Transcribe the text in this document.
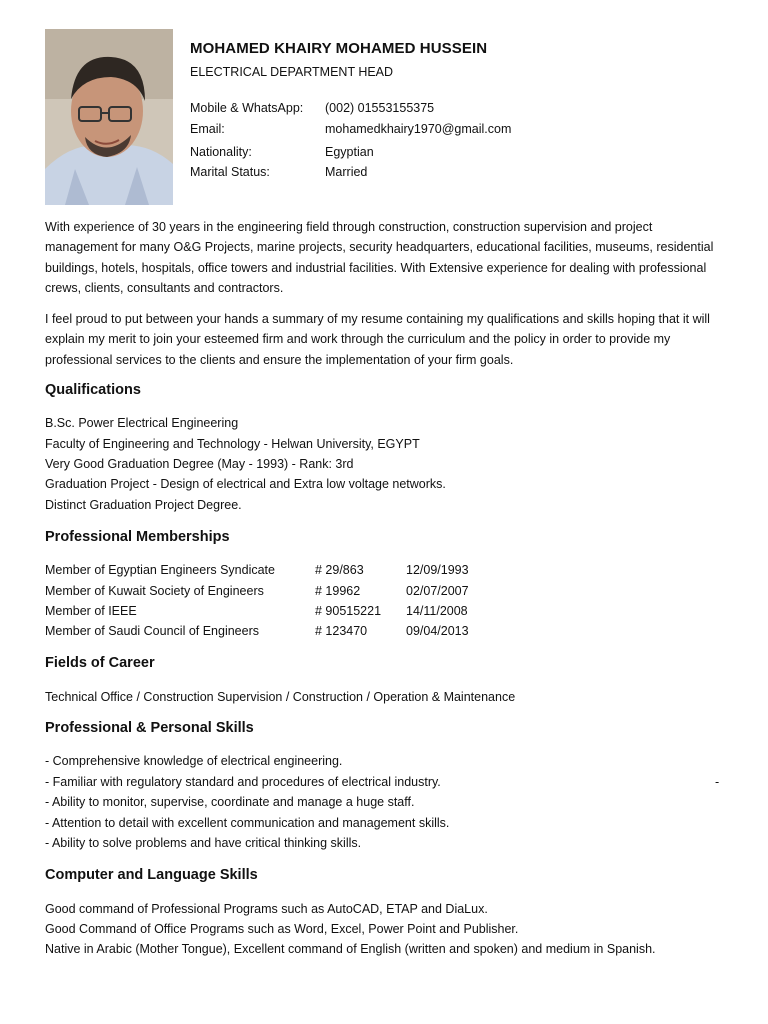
MOHAMED KHAIRY MOHAMED HUSSEIN
ELECTRICAL DEPARTMENT HEAD
Mobile & WhatsApp: (002) 01553155375
Email:	mohamedkhairy1970@gmail.com
Nationality:	Egyptian
Marital Status:	Married
With experience of 30 years in the engineering field through construction, construction supervision and project management for many O&G Projects, marine projects, security headquarters, educational facilities, museums, residential buildings, hotels, hospitals, office towers and industrial facilities. With Extensive experience for dealing with professional crews, clients, consultants and contractors.
I feel proud to put between your hands a summary of my resume containing my qualifications and skills hoping that it will explain my merit to join your esteemed firm and work through the curriculum and the policy in order to provide my professional services to the clients and ensure the implementation of your firm goals.
Qualifications
B.Sc. Power Electrical Engineering
Faculty of Engineering and Technology - Helwan University, EGYPT
Very Good Graduation Degree (May - 1993) - Rank: 3rd
Graduation Project - Design of electrical and Extra low voltage networks.
Distinct Graduation Project Degree.
Professional Memberships
Member of Egyptian Engineers Syndicate	# 29/863	12/09/1993
Member of Kuwait Society of Engineers	# 19962	02/07/2007
Member of IEEE	# 90515221 14/11/2008
Member of Saudi Council of Engineers	# 123470	09/04/2013
Fields of Career
Technical Office / Construction Supervision / Construction / Operation & Maintenance
Professional & Personal Skills
- Comprehensive knowledge of electrical engineering.
- Familiar with regulatory standard and procedures of electrical industry.	-
- Ability to monitor, supervise, coordinate and manage a huge staff.
- Attention to detail with excellent communication and management skills.
- Ability to solve problems and have critical thinking skills.
Computer and Language Skills
Good command of Professional Programs such as AutoCAD, ETAP and DiaLux.
Good Command of Office Programs such as Word, Excel, Power Point and Publisher.
Native in Arabic (Mother Tongue), Excellent command of English (written and spoken) and medium in Spanish.
